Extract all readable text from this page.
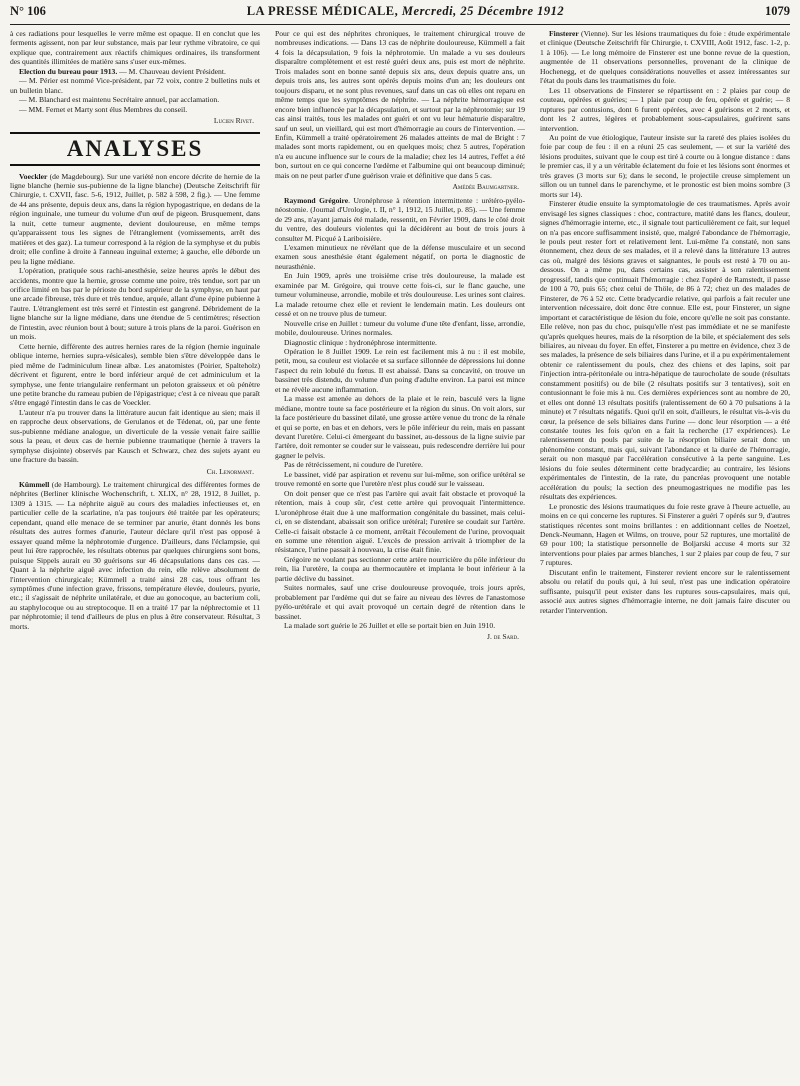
N° 106	LA PRESSE MÉDICALE, Mercredi, 25 Décembre 1912	1079

à ces radiations pour lesquelles le verre même est opaque. Il en conclut que les ferments agissent, non par leur substance, mais par leur rythme vibratoire, ce qui explique que, contrairement aux réactifs chimiques ordinaires, ils transforment des quantités illimitées de matière sans s'user eux-mêmes.

Election du bureau pour 1913. — M. Chauveau devient Président.

— M. Périer est nommé Vice-président, par 72 voix, contre 2 bulletins nuls et un bulletin blanc.

— M. Blanchard est maintenu Secrétaire annuel, par acclamation.

— MM. Fernet et Marty sont élus Membres du conseil.

Lucien Rivet.

ANALYSES

Voeckler (de Magdebourg). Sur une variété non encore décrite de hernie de la ligne blanche (hernie sus-pubienne de la ligne blanche) (Deutsche Zeitschrift für Chirurgie, t. CXVII, fasc. 5-6, 1912, Juillet, p. 582 à 598, 2 fig.). — Une femme de 44 ans présente, depuis deux ans, dans la région hypogastrique, en dedans de la région inguinale, une tumeur du volume d'un œuf de pigeon. Brusquement, dans la nuit, cette tumeur augmente, devient douloureuse, en même temps qu'apparaissent tous les signes de l'étranglement (vomissements, arrêt des matières et des gaz). La tumeur correspond à la région de la symphyse et du pubis droit; elle confine à droite à l'anneau inguinal externe; à gauche, elle déborde un peu la ligne médiane.

L'opération, pratiquée sous rachi-anesthésie, seize heures après le début des accidents, montre que la hernie, grosse comme une poire, très tendue, sort par un orifice limité en bas par le périoste du bord supérieur de la symphyse, en haut par une arcade fibreuse, très dure et très tendue, arquée, allant d'une épine pubienne à l'autre. L'étranglement est très serré et l'intestin est gangrené. Débridement de la ligne blanche sur la ligne médiane, dans une étendue de 5 centimètres; résection de l'intestin, avec réunion bout à bout; suture à trois plans de la paroi. Guérison en un mois.

Cette hernie, différente des autres hernies rares de la région (hernie inguinale oblique interne, hernies supra-vésicales), semble bien s'être développée dans le pied même de l'adminiculum lineæ albæ. Les anatomistes (Poirier, Spalteholz) décrivent et figurent, entre le bord inférieur arqué de cet adminiculum et la symphyse, une fente triangulaire renfermant un peloton graisseux et où pénètre une petite branche du rameau pubien de l'épigastrique; c'est à ce niveau que paraît s'être engagé l'intestin dans le cas de Voeckler.

L'auteur n'a pu trouver dans la littérature aucun fait identique au sien; mais il en rapproche deux observations, de Gerulanos et de Tédenat, où, par une fente sus-pubienne médiane analogue, un diverticule de la vessie venait faire saillie sous la peau, et deux cas de hernie pubienne traumatique (hernie à travers la symphyse disjointe) observés par Kausch et Schwarz, chez des sujets ayant eu une fracture du bassin.

Ch. Lenormant.

Kümmell (de Hambourg). Le traitement chirurgical des différentes formes de néphrites (Berliner klinische Wochenschrift, t. XLIX, n° 28, 1912, 8 Juillet, p. 1309 à 1315. — La néphrite aiguë au cours des maladies infectieuses et, en particulier celle de la scarlatine, n'a pas toujours été traitée par les opérateurs; cependant, quand elle menace de se terminer par anurie, étant donnés les bons résultats des autres formes d'anurie, l'auteur déclare qu'il n'est pas opposé à essayer quand même la néphrotomie d'urgence. D'ailleurs, dans l'éclampsie, qui peut lui être rapprochée, les résultats obtenus par quelques chirurgiens sont bons, puisque Sippels aurait eu 30 guérisons sur 46 décapsulations dans ces cas. — Quant à la néphrite aiguë avec infection du rein, elle relève absolument de l'intervention chirurgicale; Kümmell a traité ainsi 28 cas, tous offrant les symptômes d'une infection grave, frissons, température élevée, douleurs, pyurie, etc.; il s'agissait de néphrite unilatérale, et due au gonocoque, au bacterium coli, au staphylocoque ou au streptocoque. Il en a traité 17 par la néphrectomie et 11 par néphrotomie; il tend d'ailleurs de plus en plus à être conservateur. Résultat, 3 morts.

Pour ce qui est des néphrites chroniques, le traitement chirurgical trouve de nombreuses indications. — Dans 13 cas de néphrite douloureuse, Kümmell a fait 4 fois la décapsulation, 9 fois la néphrotomie. Un malade a vu ses douleurs disparaître complètement et est resté guéri deux ans, puis est mort de néphrite. Trois malades sont en bonne santé depuis six ans, deux depuis quatre ans, un depuis trois ans, les autres sont opérés depuis moins d'un an; les douleurs ont toujours disparu, et ne sont plus revenues, sauf dans un cas où elles ont reparu en même temps que les symptômes de néphrite. — La néphrite hémorragique est encore bien influencée par la décapsulation, et surtout par la néphrotomie; sur 19 cas ainsi traités, tous les malades ont guéri et ont vu leur hématurie disparaître, sauf un seul, un vieillard, qui est mort d'hémorragie au cours de l'intervention. — Enfin, Kümmell a traité opératoirement 26 malades atteints de mal de Bright : 7 malades sont morts rapidement, ou en quelques mois; chez 5 autres, l'opération n'a eu aucune influence sur le cours de la maladie; chez les 14 autres, l'effet a été bon, surtout en ce qui concerne l'œdème et l'albumine qui ont beaucoup diminué; mais on ne peut parler d'une guérison vraie et définitive que dans 5 cas.

Amédée Baumgartner.

Raymond Grégoire. Uronéphrose à rétention intermittente : urétéro-pyélo-néostomie. (Journal d'Urologie, t. II, n° 1, 1912, 15 Juillet, p. 85). — Une femme de 29 ans, n'ayant jamais été malade, ressentit, en Février 1909, dans le côté droit du ventre, des douleurs violentes qui la décidèrent au bout de trois jours à consulter M. Picqué à Lariboisière.

L'examen minutieux ne révélant que de la défense musculaire et un second examen sous anesthésie étant également négatif, on porta le diagnostic de neurasthénie.

En Juin 1909, après une troisième crise très douloureuse, la malade est examinée par M. Grégoire, qui trouve cette fois-ci, sur le flanc gauche, une tumeur volumineuse, arrondie, mobile et très douloureuse. Les urines sont claires. La malade retourne chez elle et revient le lendemain matin. Les douleurs ont cessé et on ne trouve plus de tumeur.

Nouvelle crise en Juillet : tumeur du volume d'une tête d'enfant, lisse, arrondie, mobile, douloureuse. Urines normales.

Diagnostic clinique : hydronéphrose intermittente.

Opération le 8 Juillet 1909. Le rein est facilement mis à nu : il est mobile, petit, mou, sa couleur est violacée et sa surface sillonnée de dépressions lui donne l'aspect du rein lobulé du fœtus. Il est abaissé. Dans sa concavité, on trouve un bassinet très distendu, du volume d'un poing d'adulte environ. La paroi est mince et ne révèle aucune inflammation.

La masse est amenée au dehors de la plaie et le rein, basculé vers la ligne médiane, montre toute sa face postérieure et la région du sinus. On voit alors, sur la face postérieure du bassinet dilaté, une grosse artère venue du tronc de la rénale et qui se porte, en bas et en dehors, vers le pôle inférieur du rein, mais en passant devant l'uretère. Celui-ci émergeant du bassinet, au-dessous de la ligne suivie par l'artère, doit remonter se couder sur le vaisseau, puis redescendre derrière lui pour gagner le pelvis.

Pas de rétrécissement, ni coudure de l'uretère.

Le bassinet, vidé par aspiration et revenu sur lui-même, son orifice urétéral se trouve remonté en sorte que l'uretère n'est plus coudé sur le vaisseau.

On doit penser que ce n'est pas l'artère qui avait fait obstacle et provoqué la rétention, mais à coup sûr, c'est cette artère qui provoquait l'intermittence. L'uronéphrose était due à une malformation congénitale du bassinet, mais celui-ci, en se distendant, abaissait son orifice urétéral; l'uretère se coudait sur l'artère. Celle-ci faisait obstacle à ce moment, arrêtait l'écoulement de l'urine, provoquait en somme une rétention aiguë. L'excès de pression arrivait à triompher de la résistance, l'urine passait à nouveau, la crise était finie.

Grégoire ne voulant pas sectionner cette artère nourricière du pôle inférieur du rein, lia l'uretère, la coupa au thermocautère et implanta le bout inférieur à la partie déclive du bassinet.

Suites normales, sauf une crise douloureuse provoquée, trois jours après, probablement par l'œdème qui dut se faire au niveau des lèvres de l'anastomose pyélo-urétérale et qui avait provoqué un certain degré de rétention dans le bassinet.

La malade sort guérie le 26 Juillet et elle se portait bien en Juin 1910.

J. de Sard.

Finsterer (Vienne). Sur les lésions traumatiques du foie : étude expérimentale et clinique (Deutsche Zeitschrift für Chirurgie, t. CXVIII, Août 1912, fasc. 1-2, p. 1 à 106). — Le long mémoire de Finsterer est une bonne revue de la question, augmentée de 11 observations personnelles, provenant de la clinique de Hochenegg, et de quelques considérations nouvelles et assez intéressantes sur l'état du pouls dans les traumatismes du foie.

Les 11 observations de Finsterer se répartissent en : 2 plaies par coup de couteau, opérées et guéries; — 1 plaie par coup de feu, opérée et guérie; — 8 ruptures par contusions, dont 6 furent opérées, avec 4 guérisons et 2 morts, et dont les 2 autres, légères et probablement sous-capsulaires, guérirent sans intervention.

Au point de vue étiologique, l'auteur insiste sur la rareté des plaies isolées du foie par coup de feu : il en a réuni 25 cas seulement, — et sur la variété des lésions produites, suivant que le coup est tiré à courte ou à longue distance : dans le premier cas, il y a un véritable éclatement du foie et les lésions sont énormes et très graves (3 morts sur 6); dans le second, le projectile creuse simplement un sillon ou un tunnel dans le parenchyme, et le pronostic est bien moins sombre (3 morts sur 14).

Finsterer étudie ensuite la symptomatologie de ces traumatismes. Après avoir envisagé les signes classiques : choc, contracture, matité dans les flancs, douleur, signes d'hémorragie interne, etc., il signale tout particulièrement ce fait, sur lequel on n'a pas encore suffisamment insisté, que, malgré l'abondance de l'hémorragie, le pouls peut rester fort et relativement lent. Lui-même l'a constaté, non sans étonnement, chez deux de ses malades, et il a relevé dans la littérature 13 autres cas où, malgré des lésions graves et saignantes, le pouls est resté à 70 ou au-dessous. On a même pu, dans certains cas, assister à son ralentissement progressif, tandis que continuait l'hémorragie : chez l'opéré de Ramstedt, il passe de 100 à 70, puis 65; chez celui de Thöle, de 86 à 72; chez un des malades de Finsterer, de 76 à 52 etc. Cette bradycardie relative, qui parfois a fait reculer une intervention nécessaire, doit donc être connue. Elle est, pour Finsterer, un signe important et caractéristique de lésion du foie, encore qu'elle ne soit pas constante. Elle relève, non pas du choc, puisqu'elle n'est pas immédiate et ne se manifeste qu'après quelques heures, mais de la résorption de la bile, et spécialement des sels biliaires, au niveau du foyer. En effet, Finsterer a pu mettre en évidence, chez 3 de ses malades, la présence de sels biliaires dans l'urine, et il a pu expérimentalement obtenir ce ralentissement du pouls, chez des chiens et des lapins, soit par l'injection intra-péritonéale ou intra-hépatique de taurocholate de soude (résultats constamment positifs) ou de bile (2 résultats positifs sur 3 tentatives), soit en contusionnant le foie mis à nu. Ces dernières expériences sont au nombre de 20, et elles ont donné 13 résultats positifs (ralentissement de 60 à 70 pulsations à la minute) et 7 résultats négatifs. Quoi qu'il en soit, d'ailleurs, le résultat vis-à-vis du cœur, la présence de sels biliaires dans l'urine — donc leur résorption — a été constatée toutes les fois qu'on en a fait la recherche (17 expériences). Le ralentissement du pouls par suite de la résorption biliaire serait donc un phénomène constant, mais qui, suivant l'abondance et la durée de l'hémorragie, serait ou non masqué par l'accélération consécutive à la perte sanguine. Les lésions du foie seules déterminent cette bradycardie; au contraire, les lésions expérimentales de l'intestin, de la rate, du pancréas provoquent une notable accélération du pouls; la section des pneumogastriques ne modifie pas les résultats des expériences.

Le pronostic des lésions traumatiques du foie reste grave à l'heure actuelle, au moins en ce qui concerne les ruptures. Si Finsterer a guéri 7 opérés sur 9, d'autres statistiques récentes sont moins brillantes : en additionnant celles de Noetzel, Denck-Neumann, Hagen et Wilms, on trouve, pour 52 ruptures, une mortalité de 69 pour 100; la statistique personnelle de Boljarski accuse 4 morts sur 32 interventions pour plaies par armes blanches, 1 sur 2 plaies par coup de feu, 7 sur 7 ruptures.

Discutant enfin le traitement, Finsterer revient encore sur le ralentissement absolu ou relatif du pouls qui, à lui seul, n'est pas une indication opératoire suffisante, puisqu'il peut exister dans les ruptures sous-capsulaires, mais qui, associé aux autres signes d'hémorragie interne, ne doit jamais faire discuter ou retarder l'intervention.
